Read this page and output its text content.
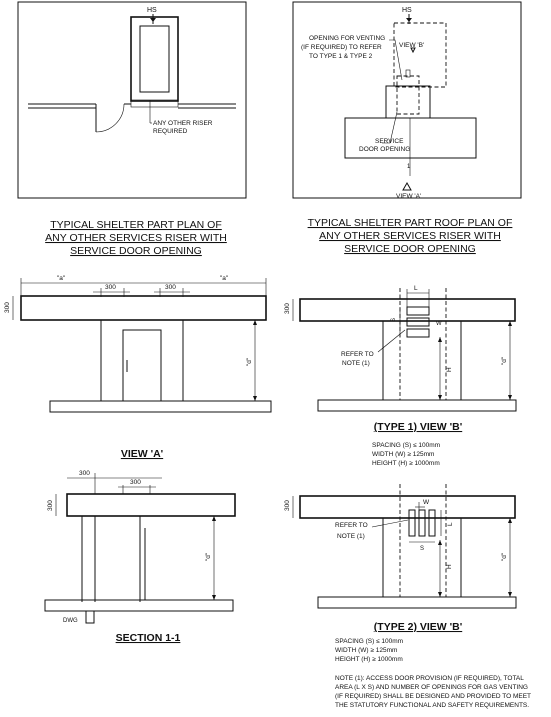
HS
ANY OTHER RISER
REQUIRED
TYPICAL SHELTER PART PLAN OF
ANY OTHER SERVICES RISER WITH
SERVICE DOOR OPENING
HS
OPENING FOR VENTING
(IF REQUIRED) TO REFER
TO TYPE 1 & TYPE 2
VIEW 'B'
SERVICE
DOOR OPENING
1
VIEW 'A'
TYPICAL SHELTER PART ROOF PLAN OF
ANY OTHER SERVICES RISER WITH
SERVICE DOOR OPENING
"a"	"a"
300	300
300
"d"
VIEW 'A'
L
W
S
H
"d"
300
REFER TO
NOTE (1)
(TYPE 1) VIEW 'B'
SPACING (S) ≤ 100mm
WIDTH (W) ≥ 125mm
HEIGHT (H) ≥ 1000mm
300
300
300
"d"
DWG
SECTION 1-1
W
L
S
H
"d"
300
REFER TO
NOTE (1)
(TYPE 2) VIEW 'B'
SPACING (S) ≤ 100mm
WIDTH (W) ≥ 125mm
HEIGHT (H) ≥ 1000mm
NOTE (1): ACCESS DOOR PROVISION (IF REQUIRED), TOTAL
AREA (L X S) AND NUMBER OF OPENINGS FOR GAS VENTING
(IF REQUIRED) SHALL BE DESIGNED AND PROVIDED TO MEET
THE STATUTORY FUNCTIONAL AND SAFETY REQUIREMENTS.
